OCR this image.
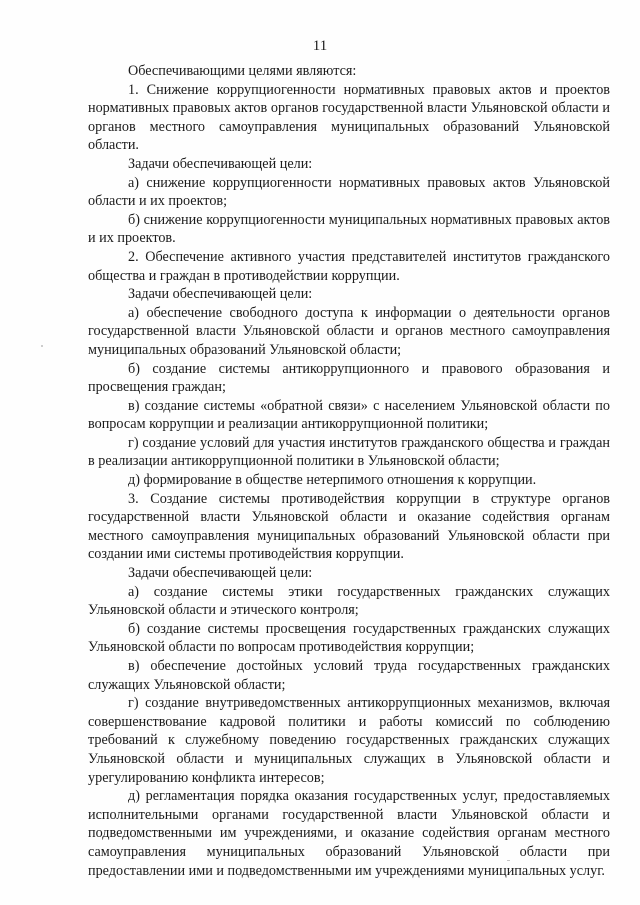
11

Обеспечивающими целями являются:

1. Снижение коррупциогенности нормативных правовых актов и проектов нормативных правовых актов органов государственной власти Ульяновской области и органов местного самоуправления муниципальных образований Ульяновской области.

Задачи обеспечивающей цели:

а) снижение коррупциогенности нормативных правовых актов Ульяновской области и их проектов;

б) снижение коррупциогенности муниципальных нормативных правовых актов и их проектов.

2. Обеспечение активного участия представителей институтов гражданского общества и граждан в противодействии коррупции.

Задачи обеспечивающей цели:

а) обеспечение свободного доступа к информации о деятельности органов государственной власти Ульяновской области и органов местного самоуправления муниципальных образований Ульяновской области;

б) создание системы антикоррупционного и правового образования и просвещения граждан;

в) создание системы «обратной связи» с населением Ульяновской области по вопросам коррупции и реализации антикоррупционной политики;

г) создание условий для участия институтов гражданского общества и граждан в реализации антикоррупционной политики в Ульяновской области;

д) формирование в обществе нетерпимого отношения к коррупции.

3. Создание системы противодействия коррупции в структуре органов государственной власти Ульяновской области и оказание содействия органам местного самоуправления муниципальных образований Ульяновской области при создании ими системы противодействия коррупции.

Задачи обеспечивающей цели:

а) создание системы этики государственных гражданских служащих Ульяновской области и этического контроля;

б) создание системы просвещения государственных гражданских служащих Ульяновской области по вопросам противодействия коррупции;

в) обеспечение достойных условий труда государственных гражданских служащих Ульяновской области;

г) создание внутриведомственных антикоррупционных механизмов, включая совершенствование кадровой политики и работы комиссий по соблюдению требований к служебному поведению государственных гражданских служащих Ульяновской области и муниципальных служащих в Ульяновской области и урегулированию конфликта интересов;

д) регламентация порядка оказания государственных услуг, предоставляемых исполнительными органами государственной власти Ульяновской области и подведомственными им учреждениями, и оказание содействия органам местного самоуправления муниципальных образований Ульяновской области при предоставлении ими и подведомственными им учреждениями муниципальных услуг.
